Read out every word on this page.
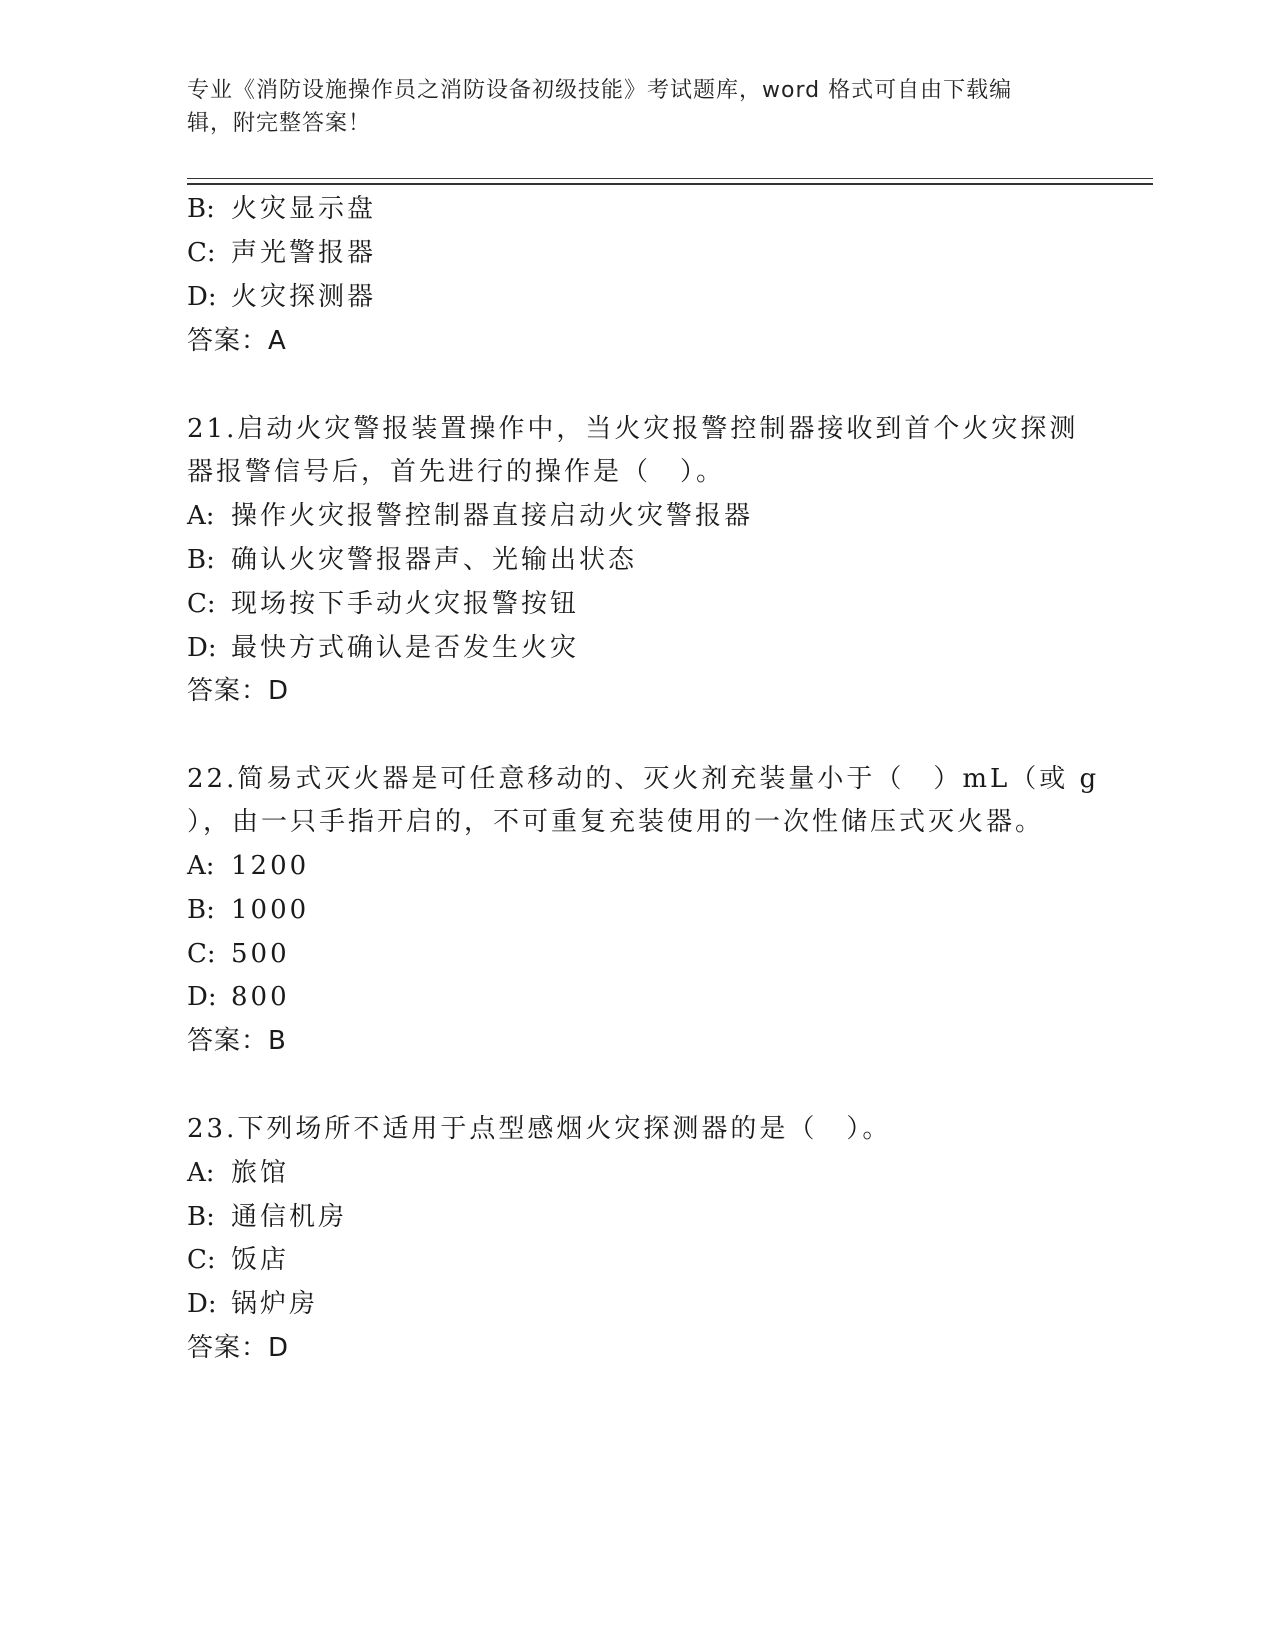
专业《消防设施操作员之消防设备初级技能》考试题库，word 格式可自由下载编
辑，附完整答案！
B: 火灾显示盘
C: 声光警报器
D: 火灾探测器
答案：A
21.启动火灾警报装置操作中，当火灾报警控制器接收到首个火灾探测
器报警信号后，首先进行的操作是（　）。
A: 操作火灾报警控制器直接启动火灾警报器
B: 确认火灾警报器声、光输出状态
C: 现场按下手动火灾报警按钮
D: 最快方式确认是否发生火灾
答案：D
22.简易式灭火器是可任意移动的、灭火剂充装量小于（　）mL（或 g
），由一只手指开启的，不可重复充装使用的一次性储压式灭火器。
A: 1200
B: 1000
C: 500
D: 800
答案：B
23.下列场所不适用于点型感烟火灾探测器的是（　）。
A: 旅馆
B: 通信机房
C: 饭店
D: 锅炉房
答案：D
